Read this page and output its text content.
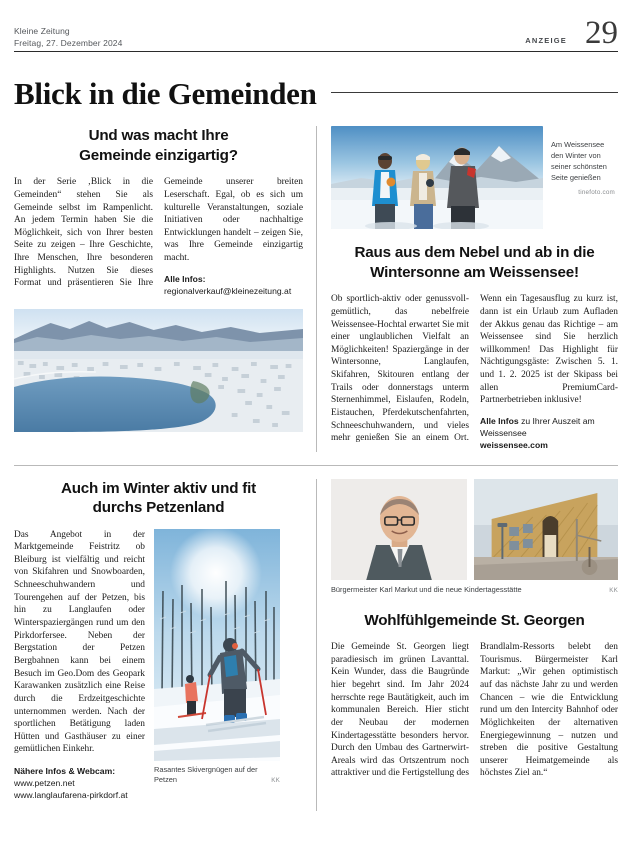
Kleine Zeitung
Freitag, 27. Dezember 2024	ANZEIGE 29
Blick in die Gemeinden
Und was macht Ihre
Gemeinde einzigartig?

In der Serie ‚Blick in die Gemeinden“ stehen Sie als Gemeinde selbst im Rampenlicht. An jedem Termin haben Sie die Möglichkeit, sich von Ihrer besten Seite zu zeigen – Ihre Geschichte, Ihre Menschen, Ihre besonderen Highlights. Nutzen Sie dieses Format und präsentieren Sie Ihre Gemeinde unserer breiten Leserschaft. Egal, ob es sich um kulturelle Veranstaltungen, soziale Initiativen oder nachhaltige Entwicklungen handelt – zeigen Sie, was Ihre Gemeinde einzigartig macht.

Alle Infos: regionalverkauf@kleinezeitung.at

Am Weissensee den Winter von seiner schönsten Seite genießen
tinefoto.com
Raus aus dem Nebel und ab in die
Wintersonne am Weissensee!

Ob sportlich-aktiv oder genussvoll-gemütlich, das nebelfreie Weissensee-Hochtal erwartet Sie mit einer unglaublichen Vielfalt an Möglichkeiten! Spaziergänge in der Wintersonne, Langlaufen, Skifahren, Skitouren entlang der Trails oder donnerstags unterm Sternenhimmel, Eislaufen, Rodeln, Eistauchen, Pferdekutschenfahrten, Schneeschuhwandern, und vieles mehr genießen Sie an einem Ort. Wenn ein Tagesausflug zu kurz ist, dann ist ein Urlaub zum Aufladen der Akkus genau das Richtige – am Weissensee sind Sie herzlich willkommen! Das Highlight für Nächtigungsgäste: Zwischen 5. 1. und 1. 2. 2025 ist der Skipass bei allen PremiumCard-Partnerbetrieben inklusive!

Alle Infos zu Ihrer Auszeit am Weissensee
weissensee.com

Auch im Winter aktiv und fit
durchs Petzenland

Das Angebot in der Marktgemeinde Feistritz ob Bleiburg ist vielfältig und reicht von Skifahren und Snowboarden, Schneeschuhwandern und Tourengehen auf der Petzen, bis hin zu Langlaufen oder Winterspaziergängen rund um den Pirkdorfersee. Neben der Bergstation der Petzen Bergbahnen kann bei einem Besuch im Geo.Dom des Geopark Karawanken zusätzlich eine Reise durch die Erdzeitgeschichte unternommen werden. Nach der sportlichen Betätigung laden Hütten und Gasthäuser zu einer gemütlichen Einkehr.

Nähere Infos & Webcam:
www.petzen.net
www.langlaufarena-pirkdorf.at

Rasantes Skivergnügen auf der Petzen	KK
Bürgermeister Karl Markut und die neue Kindertagesstätte	KK
Wohlfühlgemeinde St. Georgen

Die Gemeinde St. Georgen liegt paradiesisch im grünen Lavanttal. Kein Wunder, dass die Baugründe hier begehrt sind. Im Jahr 2024 herrschte rege Bautätigkeit, auch im kommunalen Bereich. Hier sticht der Neubau der modernen Kindertagesstätte besonders hervor. Durch den Umbau des Gartnerwirt-Areals wird das Ortszentrum noch attraktiver und die Fertigstellung des Brandlalm-Ressorts belebt den Tourismus. Bürgermeister Karl Markut: „Wir gehen optimistisch auf das nächste Jahr zu und werden Chancen – wie die Entwicklung rund um den Intercity Bahnhof oder Möglichkeiten der alternativen Energiegewinnung – nutzen und streben die positive Gestaltung unserer Heimatgemeinde als höchstes Ziel an.“
